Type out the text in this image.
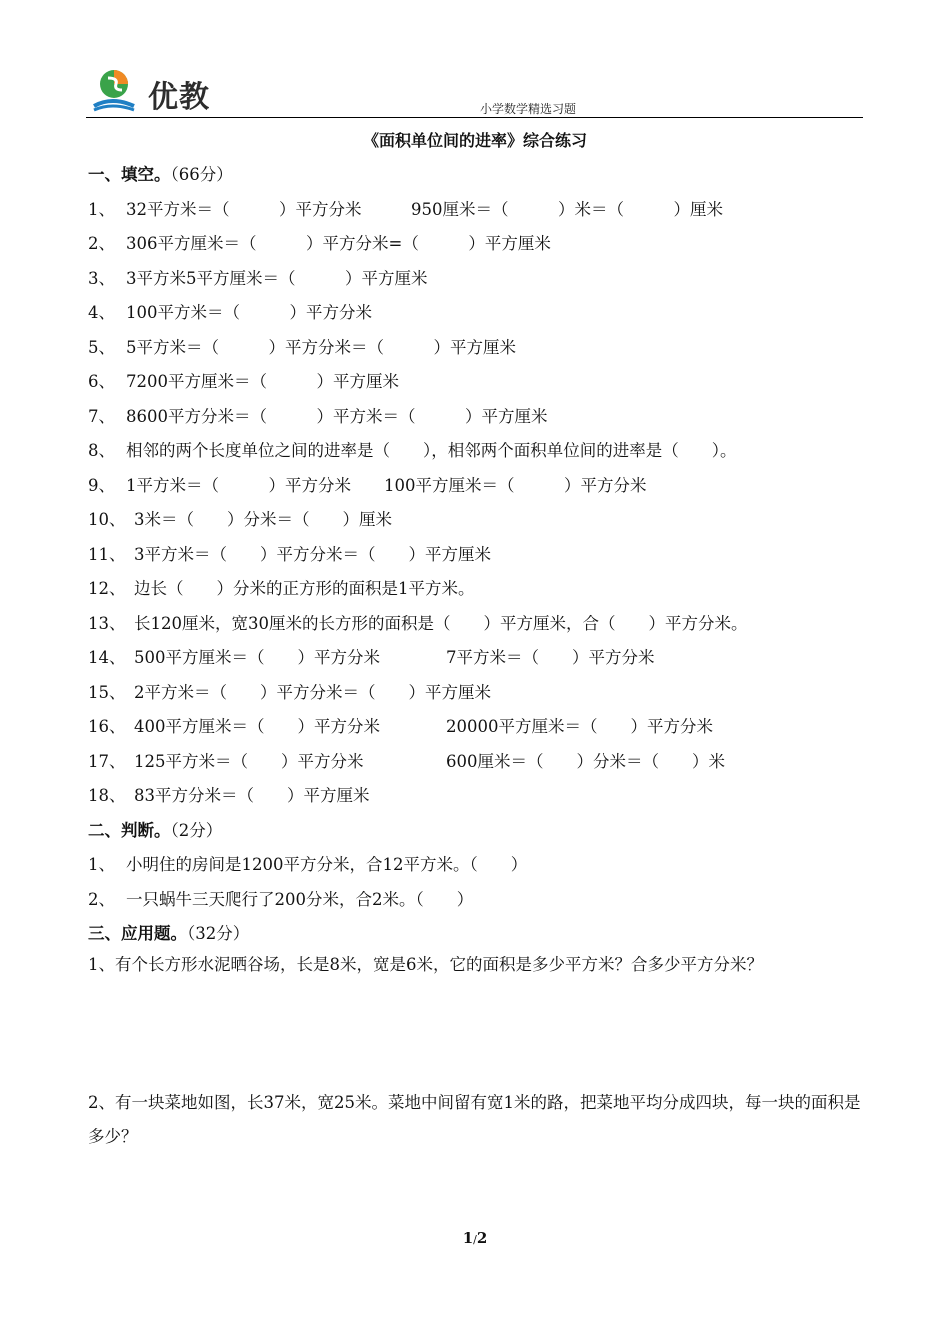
优教	小学数学精选习题
《面积单位间的进率》综合练习
一、填空。（66分）
1、 32平方米＝（　　　）平方分米　　　950厘米＝（　　　）米＝（　　　）厘米
2、 306平方厘米＝（　　　）平方分米=（　　　）平方厘米
3、 3平方米5平方厘米＝（　　　）平方厘米
4、 100平方米＝（　　　）平方分米
5、 5平方米＝（　　　）平方分米＝（　　　）平方厘米
6、 7200平方厘米＝（　　　）平方厘米
7、 8600平方分米＝（　　　）平方米＝（　　　）平方厘米
8、 相邻的两个长度单位之间的进率是（　　），相邻两个面积单位间的进率是（　　）。
9、 1平方米＝（　　　）平方分米　　100平方厘米＝（　　　）平方分米
10、 3米＝（　　）分米＝（　　）厘米
11、 3平方米＝（　　）平方分米＝（　　）平方厘米
12、 边长（　　）分米的正方形的面积是1平方米。
13、 长120厘米，宽30厘米的长方形的面积是（　　）平方厘米，合（　　）平方分米。
14、 500平方厘米＝（　　）平方分米　　　　7平方米＝（　　）平方分米
15、 2平方米＝（　　）平方分米＝（　　）平方厘米
16、 400平方厘米＝（　　）平方分米　　　　20000平方厘米＝（　　）平方分米
17、 125平方米＝（　　）平方分米　　　　　600厘米＝（　　）分米＝（　　）米
18、 83平方分米＝（　　）平方厘米
二、判断。（2分）
1、 小明住的房间是1200平方分米，合12平方米。（　　）
2、 一只蜗牛三天爬行了200分米，合2米。（　　）
三、应用题。（32分）
1、有个长方形水泥晒谷场，长是8米，宽是6米，它的面积是多少平方米？合多少平方分米？
2、有一块菜地如图，长37米，宽25米。菜地中间留有宽1米的路，把菜地平均分成四块，每一块的面积是多少？
1/2
